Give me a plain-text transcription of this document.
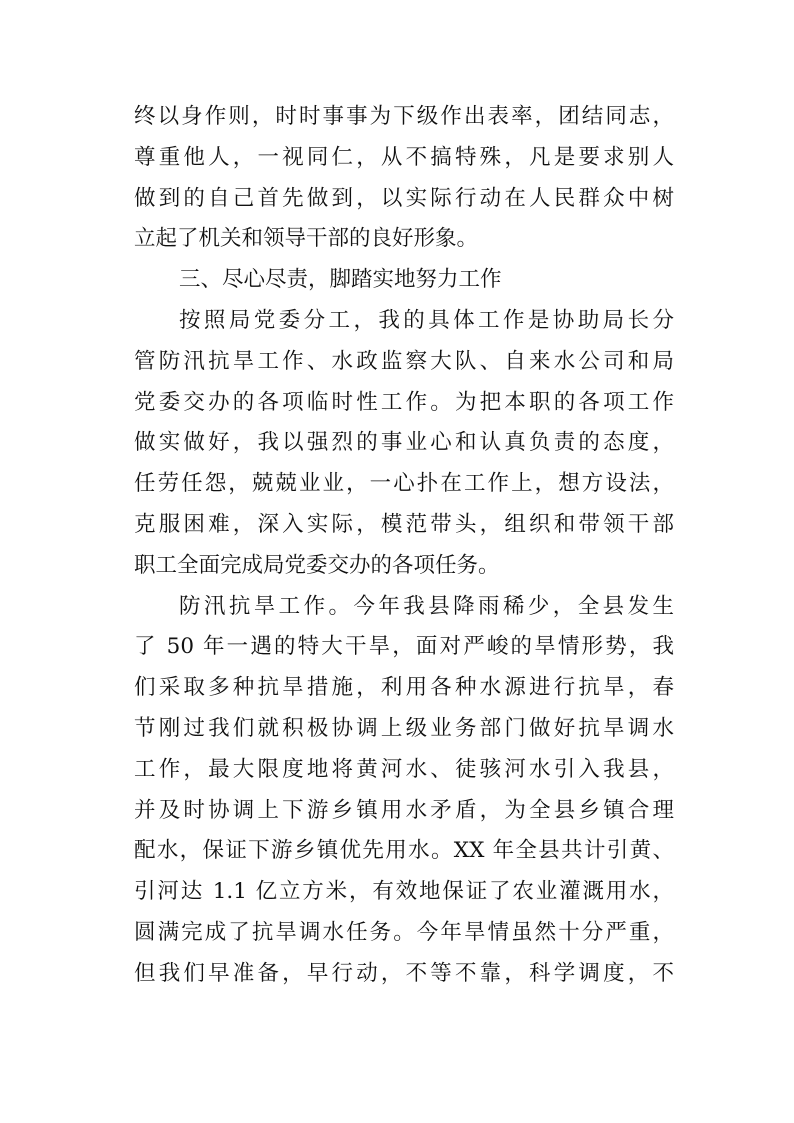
终以身作则，时时事事为下级作出表率，团结同志，
尊重他人，一视同仁，从不搞特殊，凡是要求别人
做到的自己首先做到，以实际行动在人民群众中树
立起了机关和领导干部的良好形象。
三、尽心尽责，脚踏实地努力工作
按照局党委分工，我的具体工作是协助局长分
管防汛抗旱工作、水政监察大队、自来水公司和局
党委交办的各项临时性工作。为把本职的各项工作
做实做好，我以强烈的事业心和认真负责的态度，
任劳任怨，兢兢业业，一心扑在工作上，想方设法，
克服困难，深入实际，模范带头，组织和带领干部
职工全面完成局党委交办的各项任务。
防汛抗旱工作。今年我县降雨稀少，全县发生
了 50 年一遇的特大干旱，面对严峻的旱情形势，我
们采取多种抗旱措施，利用各种水源进行抗旱，春
节刚过我们就积极协调上级业务部门做好抗旱调水
工作，最大限度地将黄河水、徒骇河水引入我县，
并及时协调上下游乡镇用水矛盾，为全县乡镇合理
配水，保证下游乡镇优先用水。XX 年全县共计引黄、
引河达 1.1 亿立方米，有效地保证了农业灌溉用水，
圆满完成了抗旱调水任务。今年旱情虽然十分严重，
但我们早准备，早行动，不等不靠，科学调度，不
